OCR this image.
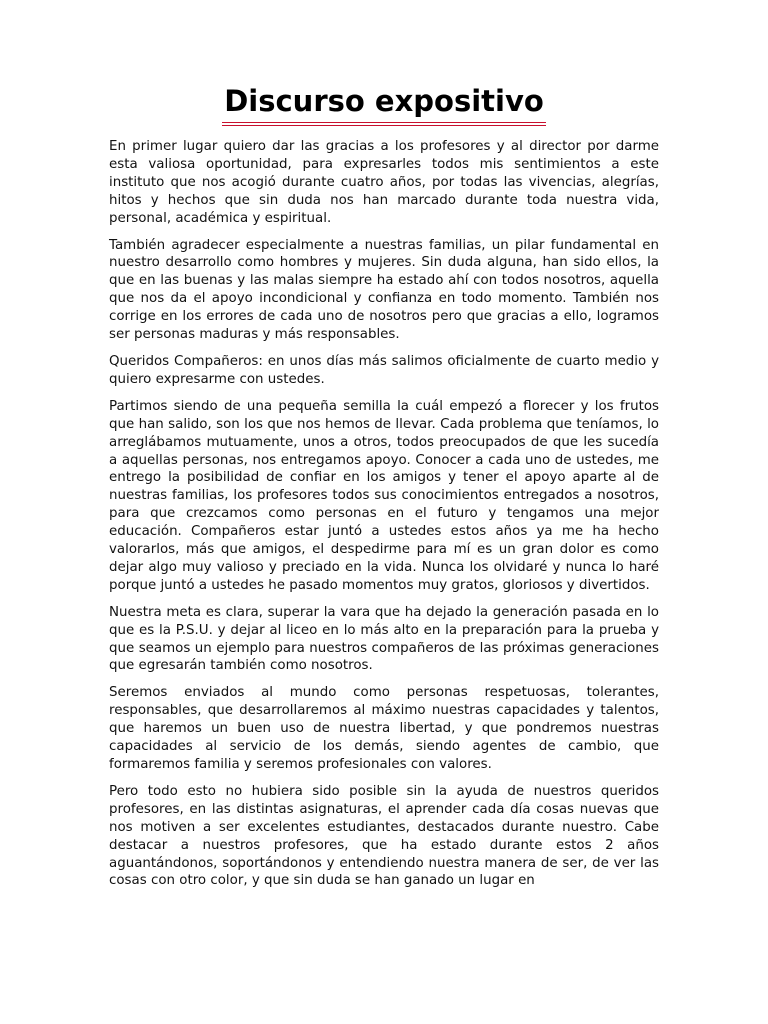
Discurso expositivo

En primer lugar quiero dar las gracias a los profesores y al director por darme esta valiosa oportunidad, para expresarles todos mis sentimientos a este instituto que nos acogió durante cuatro años, por todas las vivencias, alegrías, hitos y hechos que sin duda nos han marcado durante toda nuestra vida, personal, académica y espiritual.

También agradecer especialmente a nuestras familias, un pilar fundamental en nuestro desarrollo como hombres y mujeres. Sin duda alguna, han sido ellos, la que en las buenas y las malas siempre ha estado ahí con todos nosotros, aquella que nos da el apoyo incondicional y confianza en todo momento. También nos corrige en los errores de cada uno de nosotros pero que gracias a ello, logramos ser personas maduras y más responsables.

Queridos Compañeros: en unos días más salimos oficialmente de cuarto medio y quiero expresarme con ustedes.

Partimos siendo de una pequeña semilla la cuál empezó a florecer y los frutos que han salido, son los que nos hemos de llevar. Cada problema que teníamos, lo arreglábamos mutuamente, unos a otros, todos preocupados de que les sucedía a aquellas personas, nos entregamos apoyo. Conocer a cada uno de ustedes, me entrego la posibilidad de confiar en los amigos y tener el apoyo aparte al de nuestras familias, los profesores todos sus conocimientos entregados a nosotros, para que crezcamos como personas en el futuro y tengamos una mejor educación. Compañeros estar juntó a ustedes estos años ya me ha hecho valorarlos, más que amigos, el despedirme para mí es un gran dolor es como dejar algo muy valioso y preciado en la vida. Nunca los olvidaré y nunca lo haré porque juntó a ustedes he pasado momentos muy gratos, gloriosos y divertidos.

Nuestra meta es clara, superar la vara que ha dejado la generación pasada en lo que es la P.S.U. y dejar al liceo en lo más alto en la preparación para la prueba y que seamos un ejemplo para nuestros compañeros de las próximas generaciones que egresarán también como nosotros.

Seremos enviados al mundo como personas respetuosas, tolerantes, responsables, que desarrollaremos al máximo nuestras capacidades y talentos, que haremos un buen uso de nuestra libertad, y que pondremos nuestras capacidades al servicio de los demás, siendo agentes de cambio, que formaremos familia y seremos profesionales con valores.

Pero todo esto no hubiera sido posible sin la ayuda de nuestros queridos profesores, en las distintas asignaturas, el aprender cada día cosas nuevas que nos motiven a ser excelentes estudiantes, destacados durante nuestro. Cabe destacar a nuestros profesores, que ha estado durante estos 2 años aguantándonos, soportándonos y entendiendo nuestra manera de ser, de ver las cosas con otro color, y que sin duda se han ganado un lugar en
